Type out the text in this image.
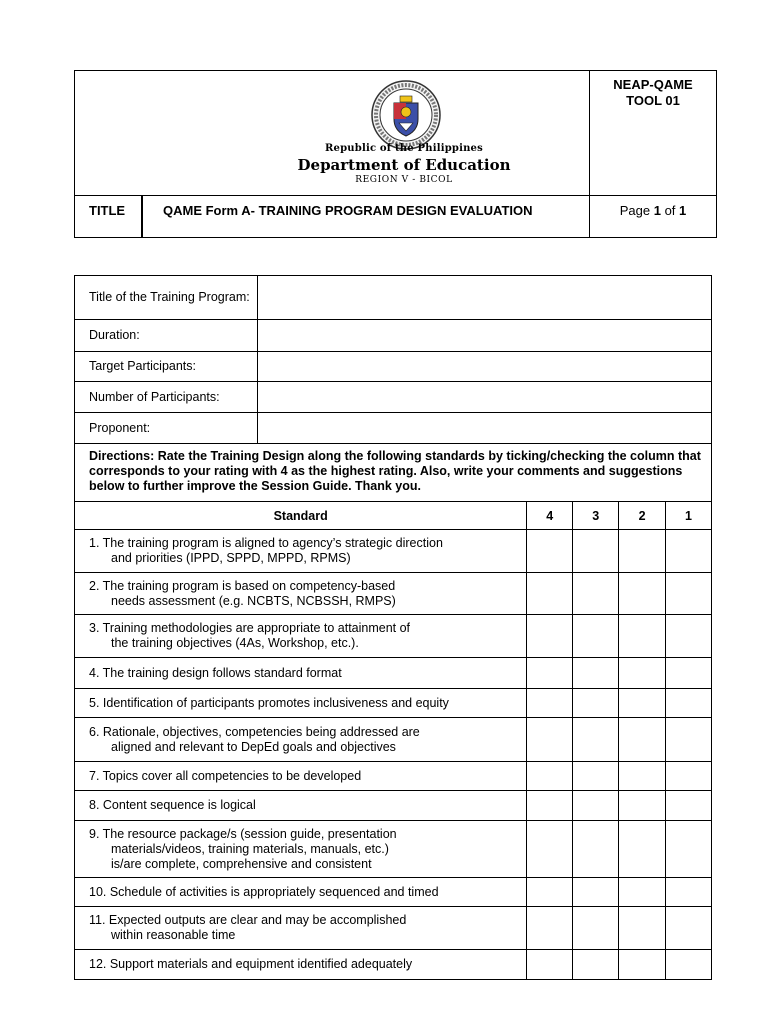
Republic of the Philippines
Department of Education
REGION V - BICOL
NEAP-QAME
TOOL 01
TITLE	QAME Form A- TRAINING PROGRAM DESIGN EVALUATION	Page 1 of 1
Title of the Training Program:					
Duration:					
Target Participants:					
Number of Participants:					
Proponent:					
Directions: Rate the Training Design along the following standards by ticking/checking the column that corresponds to your rating with 4 as the highest rating. Also, write your comments and suggestions below to further improve the Session Guide. Thank you.					
Standard		4	3	2	1
1. The training program is aligned to agency’s strategic direction
and priorities (IPPD, SPPD, MPPD, RPMS)					

2. The training program is based on competency-based
needs assessment (e.g. NCBTS, NCBSSH, RMPS)					

3. Training methodologies are appropriate to attainment of
the training objectives (4As, Workshop, etc.).					

4. The training design follows standard format					
5. Identification of participants promotes inclusiveness and equity					
6. Rationale, objectives, competencies being addressed are
aligned and relevant to DepEd goals and objectives					

7. Topics cover all competencies to be developed					
8. Content sequence is logical					
9. The resource package/s (session guide, presentation
materials/videos, training materials, manuals, etc.)
is/are complete, comprehensive and consistent					

10. Schedule of activities is appropriately sequenced and timed					
11. Expected outputs are clear and may be accomplished
within reasonable time					

12. Support materials and equipment identified adequately					
